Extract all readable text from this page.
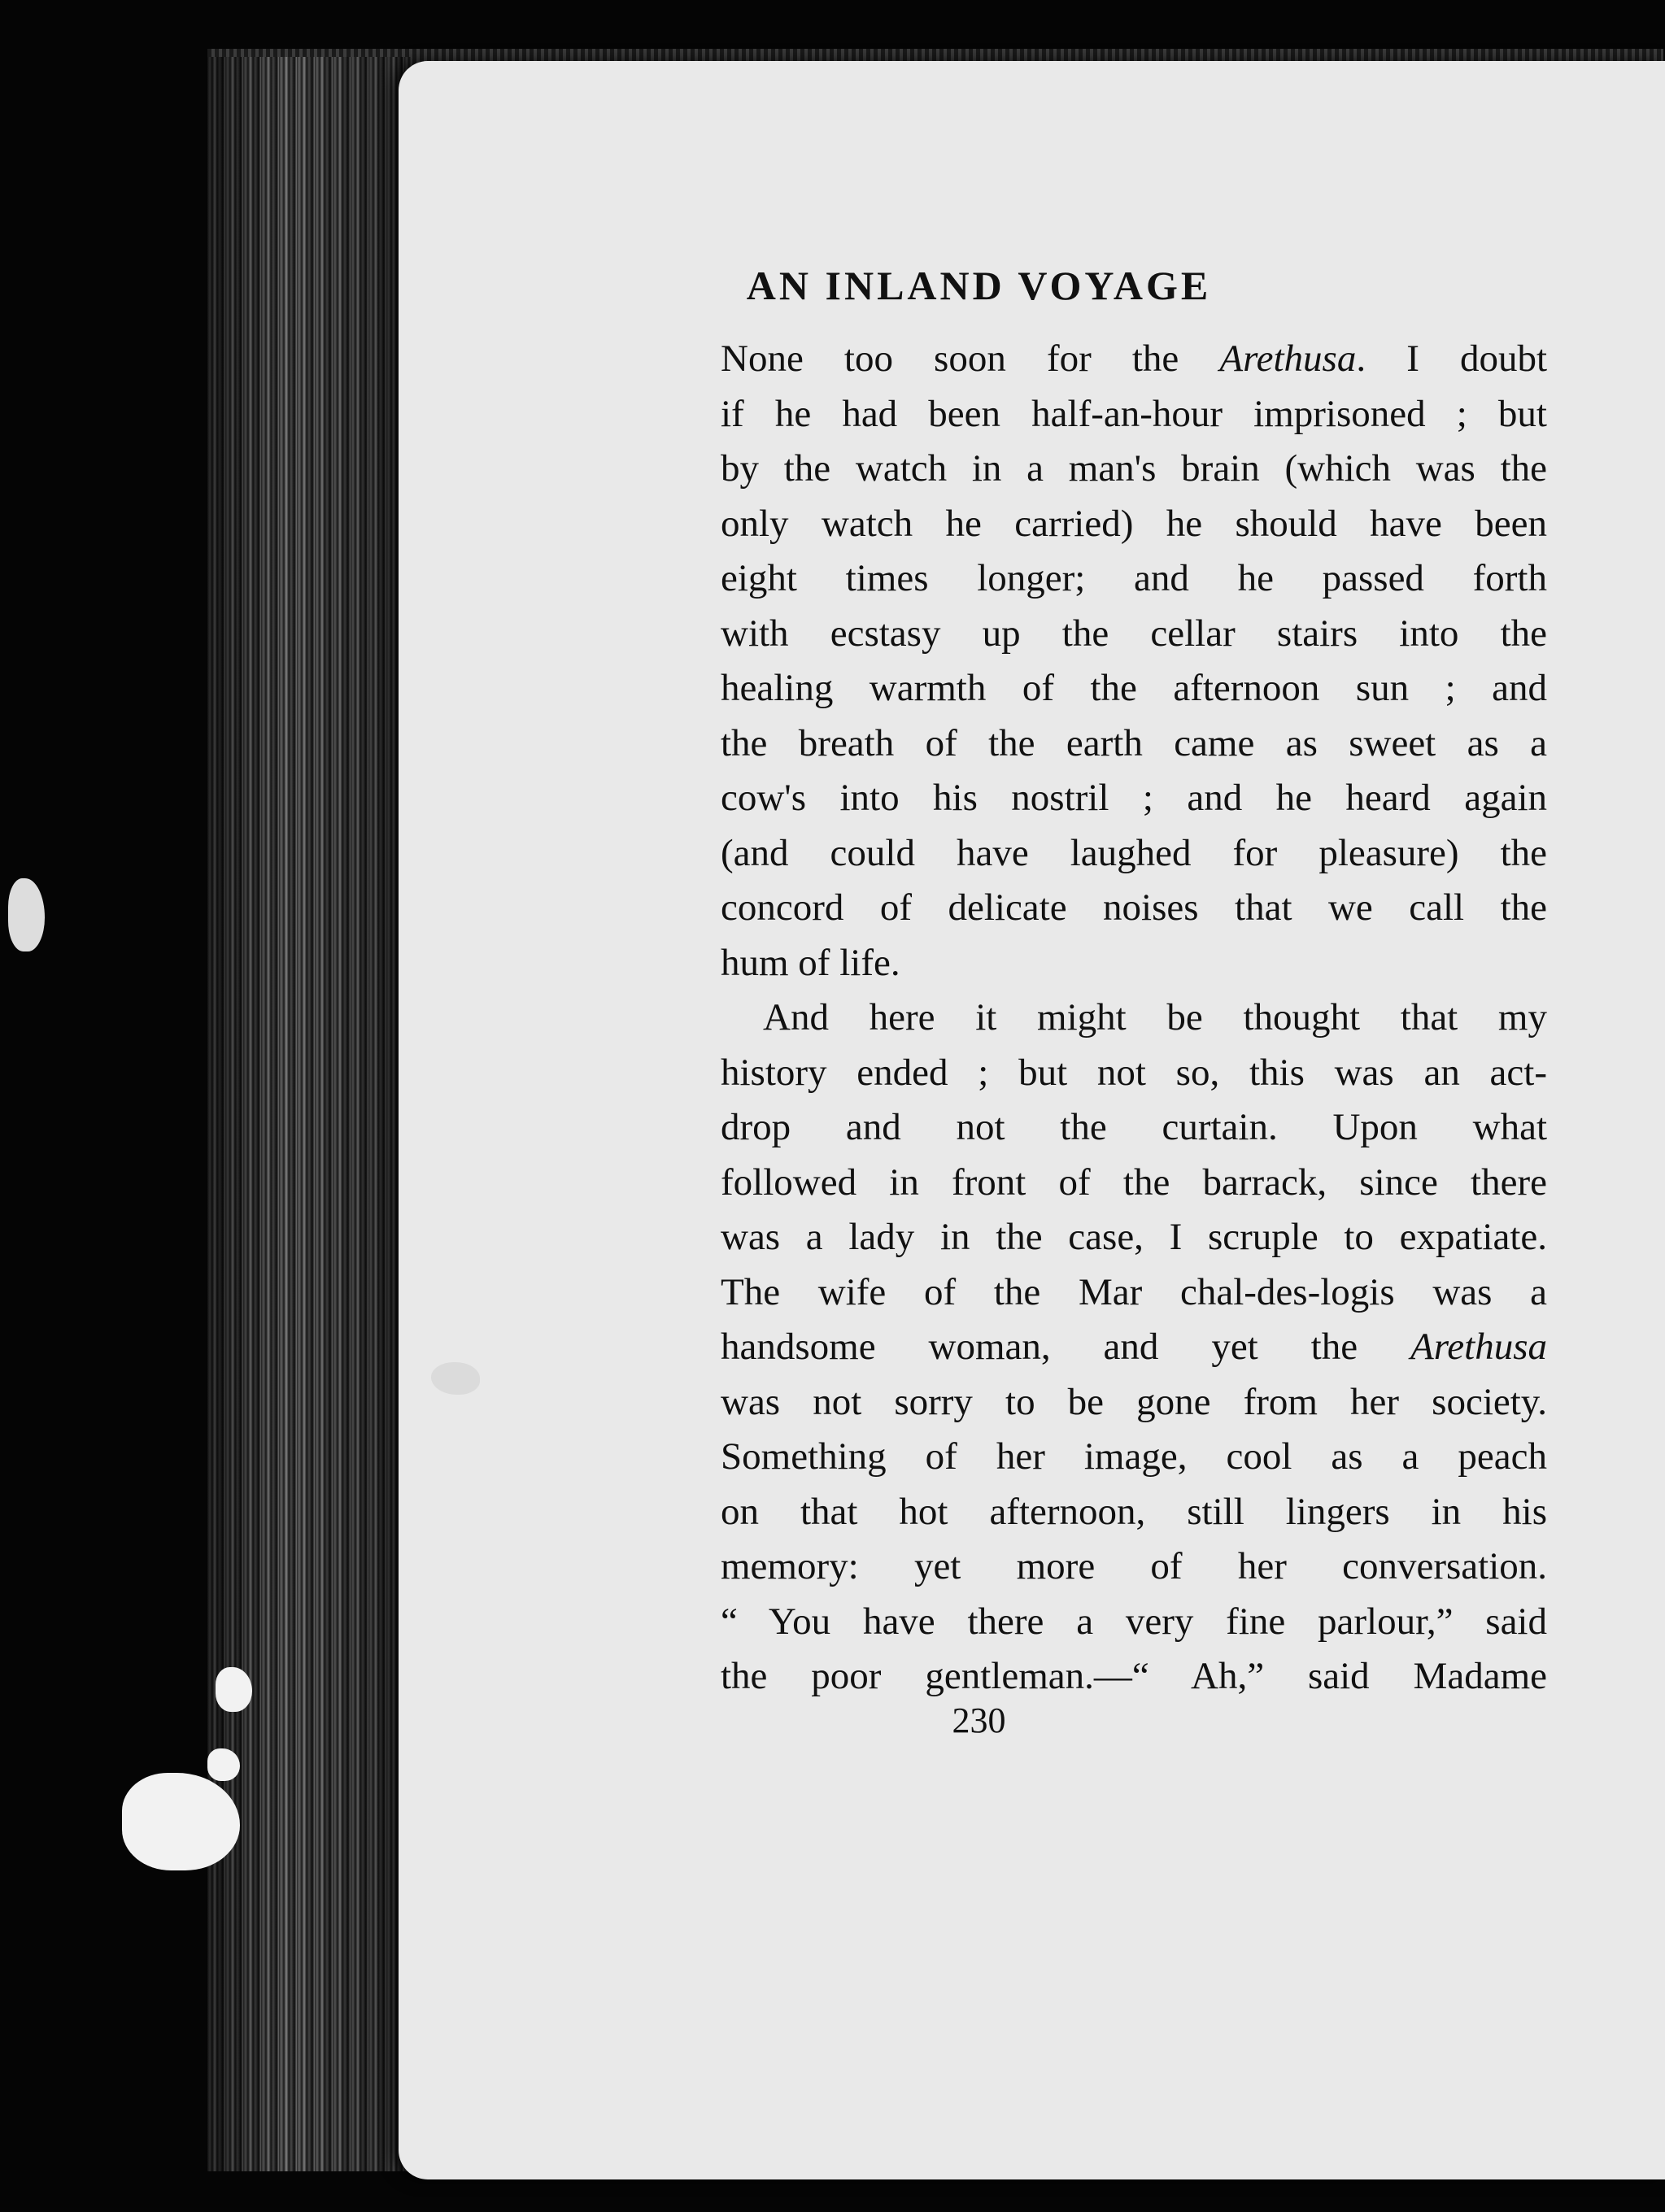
AN INLAND VOYAGE
None too soon for the Arethusa. I doubt
if he had been half-an-hour imprisoned ; but
by the watch in a man's brain (which was the
only watch he carried) he should have been
eight times longer; and he passed forth
with ecstasy up the cellar stairs into the
healing warmth of the afternoon sun ; and
the breath of the earth came as sweet as a
cow's into his nostril ; and he heard again
(and could have laughed for pleasure) the
concord of delicate noises that we call the
hum of life.
And here it might be thought that my
history ended ; but not so, this was an act-
drop and not the curtain. Upon what
followed in front of the barrack, since there
was a lady in the case, I scruple to expatiate.
The wife of the Mar chal-des-logis was a
handsome woman, and yet the Arethusa
was not sorry to be gone from her society.
Something of her image, cool as a peach
on that hot afternoon, still lingers in his
memory: yet more of her conversation.
“ You have there a very fine parlour,” said
the poor gentleman.—“ Ah,” said Madame

230
